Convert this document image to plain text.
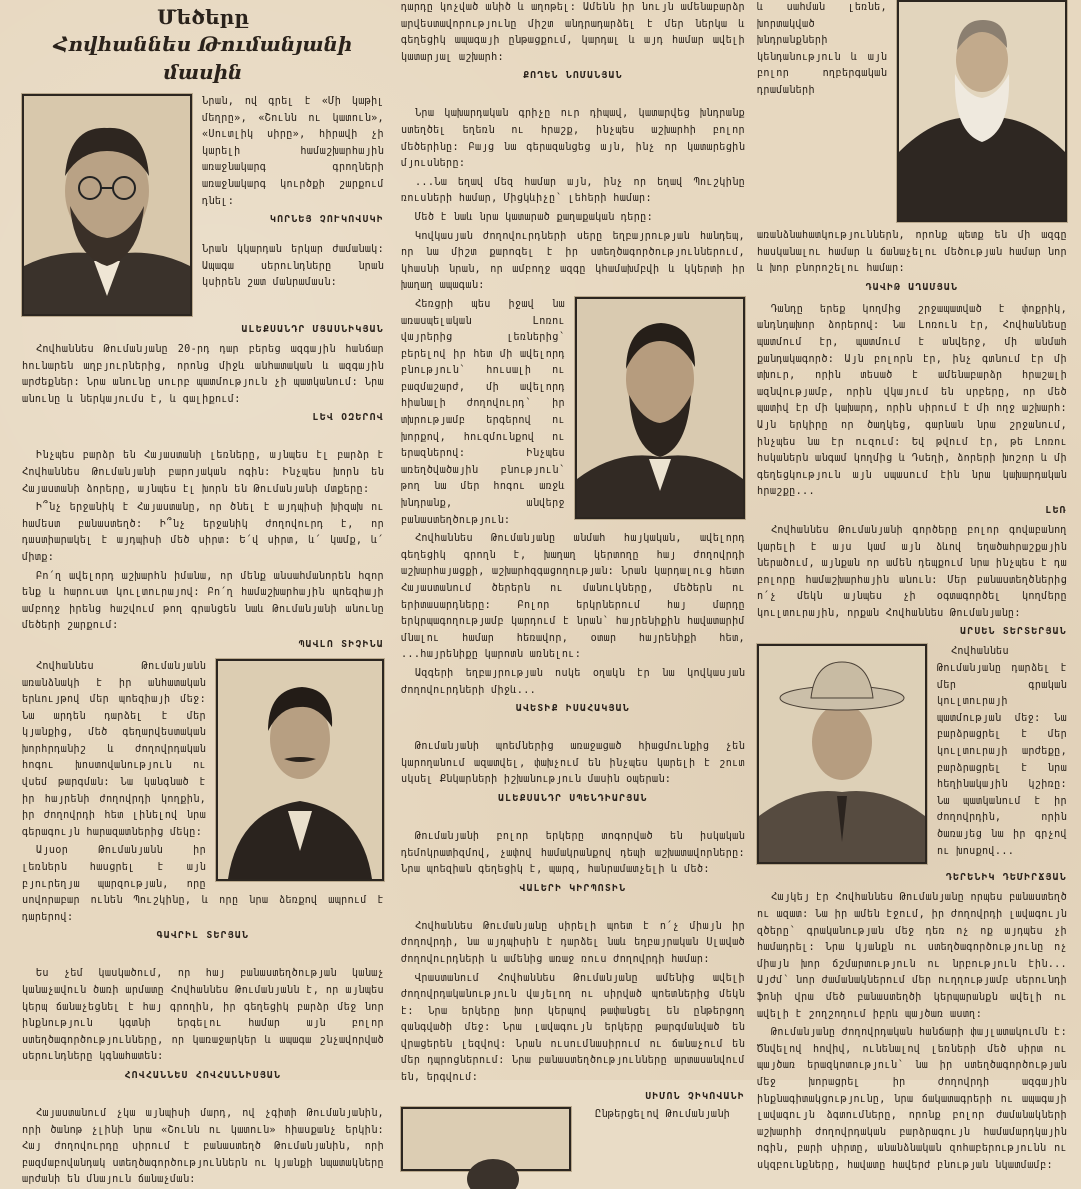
Մեծերը
Հովհաննես Թումանյանի մասին

Նրան, ով գրել է «Մի կաթիլ մեղրը», «Շունն ու կատուն», «Սուտլիկ սիրը», հիրավի չի կարելի համաշխարհային առաջնակարգ գրողների առաջնակարգ կուրծքի շարքում դնել:

ԿՈՐՆԵՅ ՉՈՒԿՈՎՍԿԻ

Նրան կկարդան երկար ժամանակ: Ապագա սերունդները նրան կսիրեն շատ մանրամասն:

ԱԼԵՔՍԱՆԴՐ ՄՅԱՍՆԻԿՅԱՆ

Հովհաննես Թումանյանը 20-րդ դար բերեց ազգային հանճար հունարեն աղբյուրներից, որոնց միջև անհատական և ազգային արժեքներ: Նրա անունը սուրբ պատմություն չի պատկանում: Նրա անունը և ներկայումս է, և գալիքում:

ԼԵՎ ՕԶԵՐՈՎ

Ինչպես բարձր են Հայաստանի լեռները, այնպես էլ բարձր է Հովհաննես Թումանյանի բարոյական ոգին: Ինչպես խորն են Հայաստանի ձորերը, այնպես էլ խորն են Թումանյանի մտքերը:

Ի՞նչ երջանիկ է Հայաստանը, որ ծնել է այդպիսի խիզախ ու համեստ բանաստեղծ: Ի՞նչ երջանիկ ժողովուրդ է, որ դաստիարակել է այդպիսի մեծ սիրտ: Ե՛վ սիրտ, և՛ կամք, և՛ միտք:

Բո՛ղ ավելորդ աշխարհն իմանա, որ մենք անսահմանորեն հզոր ենք և հարուստ կուլտուրայով: Բո՛ղ համաշխարհային պոեզիայի ամբողջ իրենց հաշվում թող գրանցեն նաև Թումանյանի անունը մեծերի շարքում:

ՊԱՎԼՈ ՏԻՉԻՆԱ

Հովհաննես Թումանյանն առանձնակի է իր անհատական երևույթով մեր պոեզիայի մեջ: Նա արդեն դարձել է մեր կյանքից, մեծ գեղարվեստական խորհրդանիշ և ժողովրդական հոգու խոստովանություն ու վսեմ թարգման: Նա կանգնած է իր հայրենի ժողովրդի կողքին, իր ժողովրդի հետ լինելով նրա գերագույն հարազատներից մեկը:

Այսօր Թումանյանն իր լեռներն հասցրել է այն բյուրեղյա պարզության, որը սովորաբար ունեն Պուշկինը, և որը նրա ձեռքով ապրում է դարերով:

ԳԱՎՐԻԼ ՏԵՐՅԱՆ

Ես չեմ կասկածում, որ հայ բանաստեղծության կանաչ կանաչավուն ծառի արմատը Հովհաննես Թումանյանն է, որ այնպես կերպ ճանաչեցնել է հայ գրողին, իր գեղեցիկ բարձր մեջ նոր ինքնություն կգտնի երգելու համար այն բոլոր ստեղծագործությունները, որ կառաջարկեր և ապագա շնչավորված սերունդները կգնահատեն:

ՀՈՎՀԱՆՆԵՍ ՀՈՎՀԱՆՆԻՍՅԱՆ

Հայաստանում չկա այնպիսի մարդ, ով չգիտի Թումանյանին, որի ծանոթ չլինի նրա «Շունն ու կատուն» հիասքանչ երկին: Հայ ժողովուրդը սիրում է բանաստեղծ Թումանյանին, որի բազմաբովանդակ ստեղծագործություններն ու կյանքի նպատակները արժանի են մնայուն ճանաչման:

դարդը կոչված անիծ և աղոթել: Ամենն իր նույն ամենաբարձր արվեստավորությունը միշտ անդրադարձել է մեր ներկա և գեղեցիկ ապագայի ընթացքում, կարդալ և այդ համար ավելի կատարյալ աշխարհ:

ՔՈՂԵՆ ՆՈՄԱՆՅԱՆ

Նրա կախարդական գրիչը ուր դիպավ, կատարվեց խնդրանք ստեղծել եղեռն ու հրաշք, ինչպես աշխարհի բոլոր մեծերինը: Բայց նա գերազանցեց այն, ինչ որ կատարեցին մյուսները:

...Նա եղավ մեզ համար այն, ինչ որ եղավ Պուշկինը ռուսների համար, Միցկևիչը՝ լեհերի համար:

Մեծ է նաև նրա կատարած քաղաքական դերը:

Կովկասյան ժողովուրդների սերը եղբայրության հանդեպ, որ նա միշտ քարոզել է իր ստեղծագործություններում, կհասնի նրան, որ ամբողջ ազգը կհամախմբվի և կկերտի իր խաղաղ ապագան:

Հեռցրի պես իջավ նա առասպելական Լոռու վայրերից լեռներից՝ բերելով իր հետ մի ավելորդ բնություն՝ հուսալի ու բազմաշարժ, մի ավելորդ հիանալի ժողովուրդ՝ իր տխրությամբ երգերով ու խորքով, հուզմունքով ու երազներով: Ինչպես առեղծվածային բնություն՝ թող նա մեր հոգու առջև խնդրանք, անվերջ բանաստեղծություն:

Հովհաննես Թումանյանը անմահ հայկական, ավելորդ գեղեցիկ գրողն է, խաղաղ կերտողը հայ ժողովրդի աշխարհայացքի, աշխարհզգացողության: Նրան կարդալուց հետո Հայաստանում ծերերն ու մանուկները, մեծերն ու երիտասարդները: Բոլոր երկրներում հայ մարդը երկրպագողությամբ կարդում է նրան՝ հայրենիքին հավատարիմ մնալու համար հեռավոր, օտար հայրենիքի հետ, ...հայրենիքը կարոտն առնելու:

Ազգերի եղբայրության ոսկե օղակն էր նա կովկասյան ժողովուրդների միջև...

ԱՎԵՏԻՔ ԻՍԱՀԱԿՅԱՆ

Թումանյանի պոեմներից առաջացած հիացմունքից չեն կարողանում ազատվել, փախչում են ինչպես կարելի է շուտ սկսել Քնկարների իշխանություն մասին օպերան:

ԱԼԵՔՍԱՆԴՐ ՍՊԵՆԴԻԱՐՅԱՆ

Թումանյանի բոլոր երկերը տոգորված են իսկական դեմոկրատիզմով, չափով համակրանքով դեպի աշխատավորները: Նրա պոեզիան գեղեցիկ է, պարզ, հանրամատչելի և մեծ:

ՎԱԼԵՐԻ ԿԻՐՊՈՏԻՆ

Հովհաննես Թումանյանը սիրելի պոետ է ո՛չ միայն իր ժողովրդի, նա այդպիսին է դարձել նաև եղբայրական Սլաված ժողովուրդների և ամենից առաջ ռուս ժողովրդի համար:

Վրաստանում Հովհաննես Թումանյանը ամենից ավելի ժողովրդականություն վայելող ու սիրված պոետներից մեկն է: Նրա երկերը խոր կերպով թափանցել են ընթերցող զանգվածի մեջ: Նրա լավագույն երկերը թարգմանված են վրացերեն լեզվով: Նրան ուսումնասիրում ու ճանաչում են մեր դպրոցներում: Նրա բանաստեղծությունները արտասանվում են, երգվում:

ՍԻՄՈՆ ՉԻԿՈՎԱՆԻ

Ընթերցելով Թումանյանի

և սահման լեռնե, խորտակված խնդրանքների կենդանություն և այն բոլոր ողբերգական դրամաների առանձնահատկություններն, որոնք պետք են մի ազգը հասկանալու համար և ճանաչելու մեծության համար նոր և խոր բնորոշելու համար:

ԴԱՎԻԹ ԱՂԱՄՅԱՆ

Դանդը երեք կողմից շրջապատված է փոքրիկ, անդնդախոր ձորերով: Նա Լոռուն էր, Հովհաննեսը պատմում էր, պատմում է անվերջ, մի անմահ քանդակագործ: Այն բոլորն էր, ինչ գտնում էր մի տխուր, որին տեսած է ամենաբարձր հրաշալի ազնվությամբ, որին վկայում են սրբերը, որ մեծ պատիվ էր մի կախարդ, որին սիրում է մի ողջ աշխարհ: Այն երկիրը որ ծաղկեց, գարնան նրա շրջանում, ինչպես նա էր ուզում: Եվ թվում էր, թե Լոռու հսկաներն անգամ կողմից և Դսեղի, ձորերի խոշոր և մի գեղեցկություն այն սպասում էին նրա կախարդական հրաշքը...

ԼԵՌ

Հովհաննես Թումանյանի գործերը բոլոր գովաբանող կարելի է այս կամ այն ձևով եղածահրաշքային ներածում, այնքան որ ամեն դեպքում նրա ինչպես է դա բոլորը համաշխարհային անուն: Մեր բանաստեղծներից ո՛չ մեկն այնպես չի օգտագործել կողմերը կուլտուրային, որքան Հովհաննես Թումանյանը:

ԱՐՍԵՆ ՏԵՐՏԵՐՅԱՆ

Հովհաննես Թումանյանը դարձել է մեր գրական կուլտուրայի պատմության մեջ: Նա բարձրացրել է մեր կուլտուրայի արժեքը, բարձրացրել է նրա հեղինակային կշիռը: Նա պատկանում է իր ժողովրդին, որին ծառայեց նա իր գրչով ու խոսքով...

ԴԵՐԵՆԻԿ ԴԵՄԻՐՃՅԱՆ

Հայկեյ էր Հովհաննես Թումանյանը որպես բանաստեղծ ու ազատ: Նա իր ամեն էջում, իր ժողովրդի լավագույն զծերը՝ գրականության մեջ դեռ ոչ ոք այդպես չի համադրել: Նրա կյանքն ու ստեղծագործությունը ոչ միայն խոր ճշմարտություն ու նրբություն էին... Այժմ՝ նոր ժամանակներում մեր ուղղությամբ սերունդի ֆոնի վրա մեծ բանաստեղծի կերպարանքն ավելի ու ավելի է շողշողում իբրև պայծառ աստղ:

Թումանյանը ժողովրդական հանճարի փայլատակումն է: Ծնվելով հովիվ, ունենալով լեռների մեծ սիրտ ու պայծառ երազկոտություն՝ նա իր ստեղծագործության մեջ խորացրել իր ժողովրդի ազգային ինքնագիտակցությունը, նրա ճակատագրերի ու ապագայի լավագույն ձգտումները, որոնք բոլոր ժամանակների աշխարհի ժողովրդական բարձրագույն համամարդկային ոգին, բարի սիրտը, անանձնական զոհաբերությունն ու սկզբունքները, հավատը հավերժ բնության նկատմամբ:
